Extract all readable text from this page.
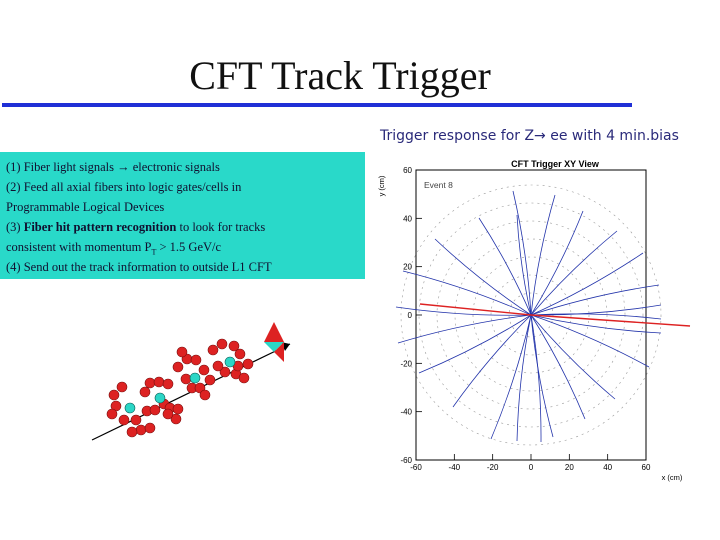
CFT Track Trigger
Trigger response for Z→ ee with 4 min.bias
(1) Fiber light signals → electronic signals
(2) Feed all axial fibers into logic gates/cells in
Programmable Logical Devices
(3) Fiber hit pattern recognition to look for tracks
consistent with momentum $P_T > 1.5$ GeV/c
(4) Send out the track information to outside L1 CFT
CFT Trigger XY View
Event 8
y (cm)
x (cm)
-60	-40	-20	0	20	40	60
60
40
20
0
-20
-40
-60
